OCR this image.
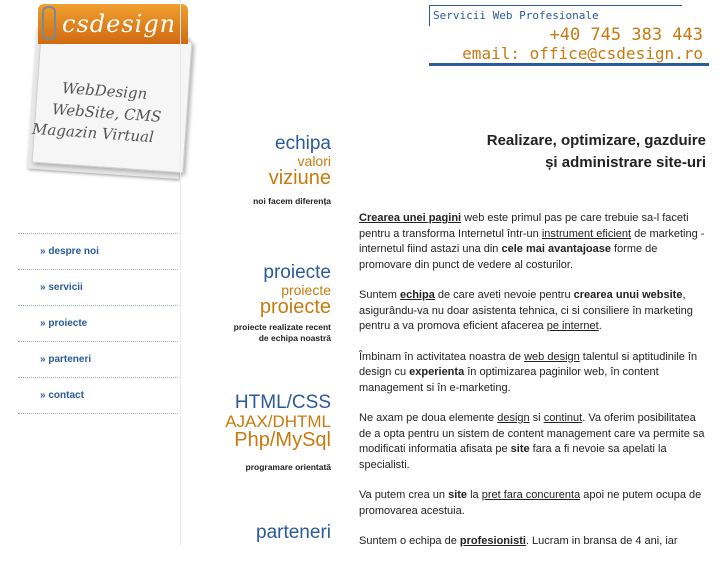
csdesign
WebDesign
WebSite, CMS
Magazin Virtual
Servicii Web Profesionale
+40 745 383 443
email: office@csdesign.ro
» despre noi
» servicii
» proiecte
» parteneri
» contact
echipa
valori
viziune
noi facem diferența
proiecte
proiecte
proiecte
proiecte realizate recent
de echipa noastră
HTML/CSS
AJAX/DHTML
Php/MySql
programare orientată
parteneri
Realizare, optimizare, gazduire
și administrare site-uri

Crearea unei pagini web este primul pas pe care trebuie sa-l faceti pentru a transforma Internetul într-un instrument eficient de marketing - internetul fiind astazi una din cele mai avantajoase forme de promovare din punct de vedere al costurilor.

Suntem echipa de care aveti nevoie pentru crearea unui website, asigurându-va nu doar asistenta tehnica, ci si consiliere în marketing pentru a va promova eficient afacerea pe internet.

Îmbinam în activitatea noastra de web design talentul si aptitudinile în design cu experienta în optimizarea paginilor web, în content management si în e-marketing.

Ne axam pe doua elemente design si continut. Va oferim posibilitatea de a opta pentru un sistem de content management care va permite sa modificati informatia afisata pe site fara a fi nevoie sa apelati la specialisti.

Va putem crea un site la pret fara concurenta apoi ne putem ocupa de promovarea acestuia.

Suntem o echipa de profesionisti. Lucram in bransa de 4 ani, iar
